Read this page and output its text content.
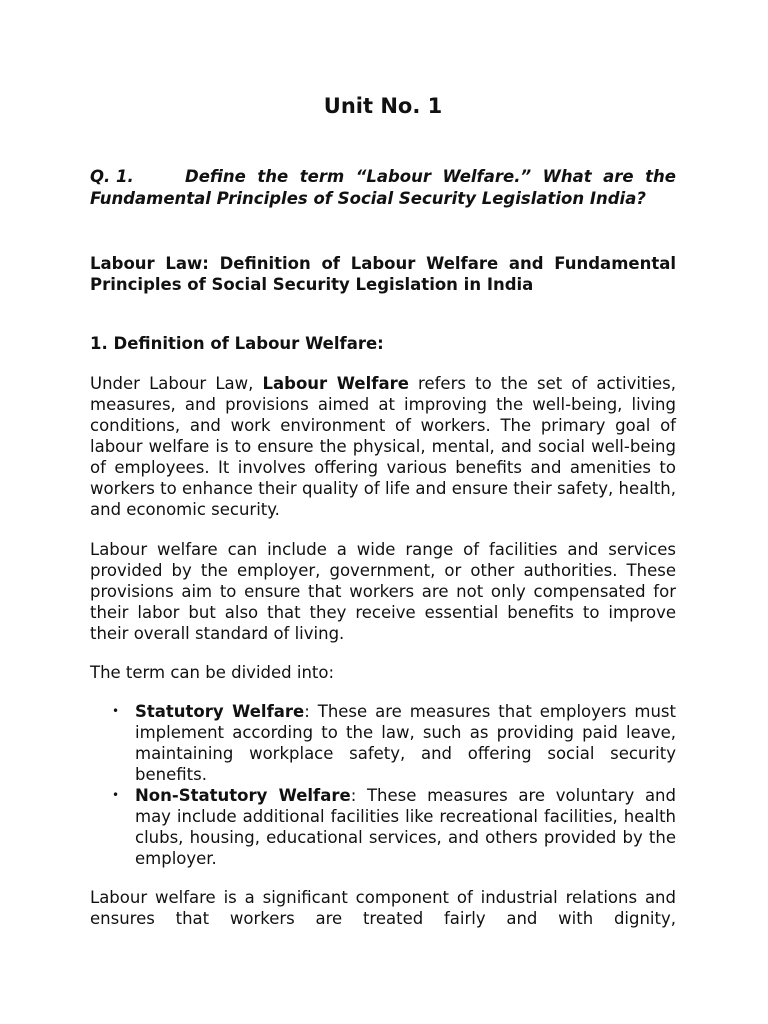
Unit No. 1

Q. 1.	Define the term “Labour Welfare.” What are the Fundamental Principles of Social Security Legislation India?

Labour Law: Definition of Labour Welfare and Fundamental Principles of Social Security Legislation in India

1. Definition of Labour Welfare:

Under Labour Law, Labour Welfare refers to the set of activities, measures, and provisions aimed at improving the well-being, living conditions, and work environment of workers. The primary goal of labour welfare is to ensure the physical, mental, and social well-being of employees. It involves offering various benefits and amenities to workers to enhance their quality of life and ensure their safety, health, and economic security.

Labour welfare can include a wide range of facilities and services provided by the employer, government, or other authorities. These provisions aim to ensure that workers are not only compensated for their labor but also that they receive essential benefits to improve their overall standard of living.

The term can be divided into:

• Statutory Welfare: These are measures that employers must implement according to the law, such as providing paid leave, maintaining workplace safety, and offering social security benefits.
• Non-Statutory Welfare: These measures are voluntary and may include additional facilities like recreational facilities, health clubs, housing, educational services, and others provided by the employer.

Labour welfare is a significant component of industrial relations and ensures that workers are treated fairly and with dignity,
